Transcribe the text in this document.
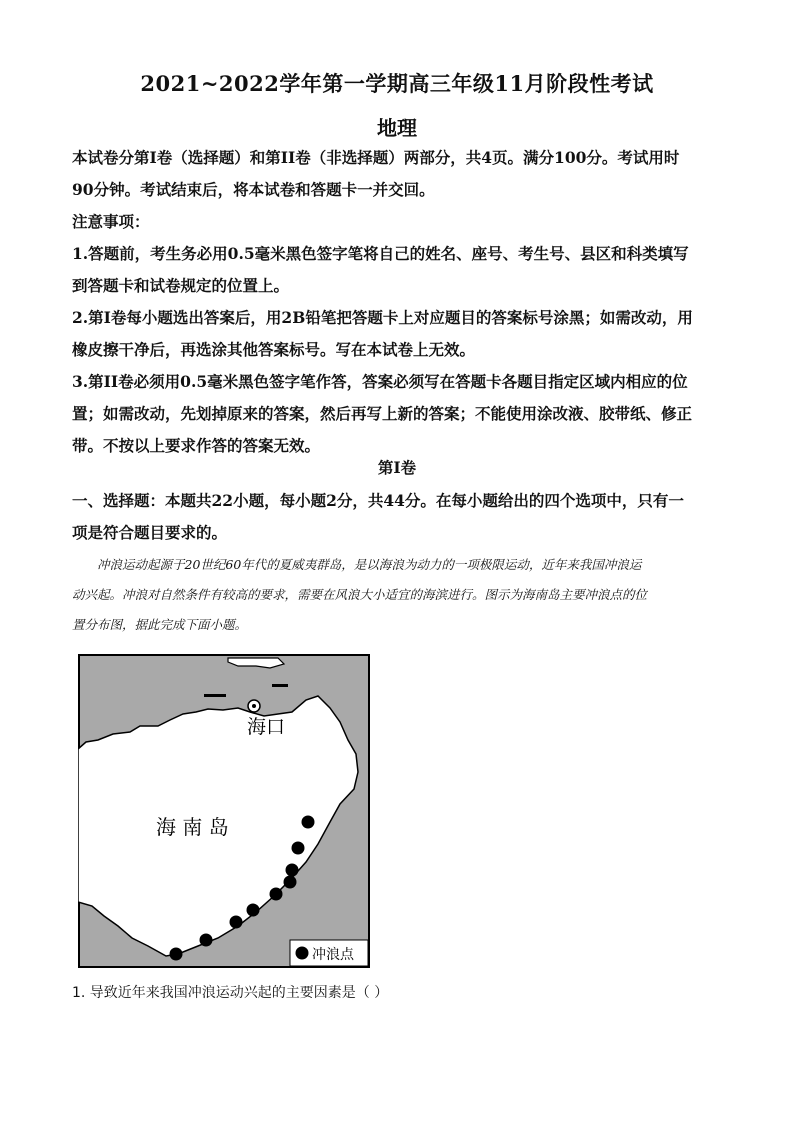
2021~2022学年第一学期高三年级11月阶段性考试
地理

本试卷分第Ⅰ卷（选择题）和第II卷（非选择题）两部分，共4页。满分100分。考试用时

90分钟。考试结束后，将本试卷和答题卡一并交回。

注意事项：

1.答题前，考生务必用0.5毫米黑色签字笔将自己的姓名、座号、考生号、县区和科类填写

到答题卡和试卷规定的位置上。

2.第Ⅰ卷每小题选出答案后，用2B铅笔把答题卡上对应题目的答案标号涂黑；如需改动，用

橡皮擦干净后，再选涂其他答案标号。写在本试卷上无效。

3.第II卷必须用0.5毫米黑色签字笔作答，答案必须写在答题卡各题目指定区域内相应的位

置；如需改动，先划掉原来的答案，然后再写上新的答案；不能使用涂改液、胶带纸、修正

带。不按以上要求作答的答案无效。

第Ⅰ卷

一、选择题：本题共22小题，每小题2分，共44分。在每小题给出的四个选项中，只有一

项是符合题目要求的。

冲浪运动起源于20世纪60年代的夏威夷群岛，是以海浪为动力的一项极限运动，近年来我国冲浪运

动兴起。冲浪对自然条件有较高的要求，需要在风浪大小适宜的海滨进行。图示为海南岛主要冲浪点的位

置分布图，据此完成下面小题。

海口
海 南 岛
冲浪点
1. 导致近年来我国冲浪运动兴起的主要因素是（ ）
